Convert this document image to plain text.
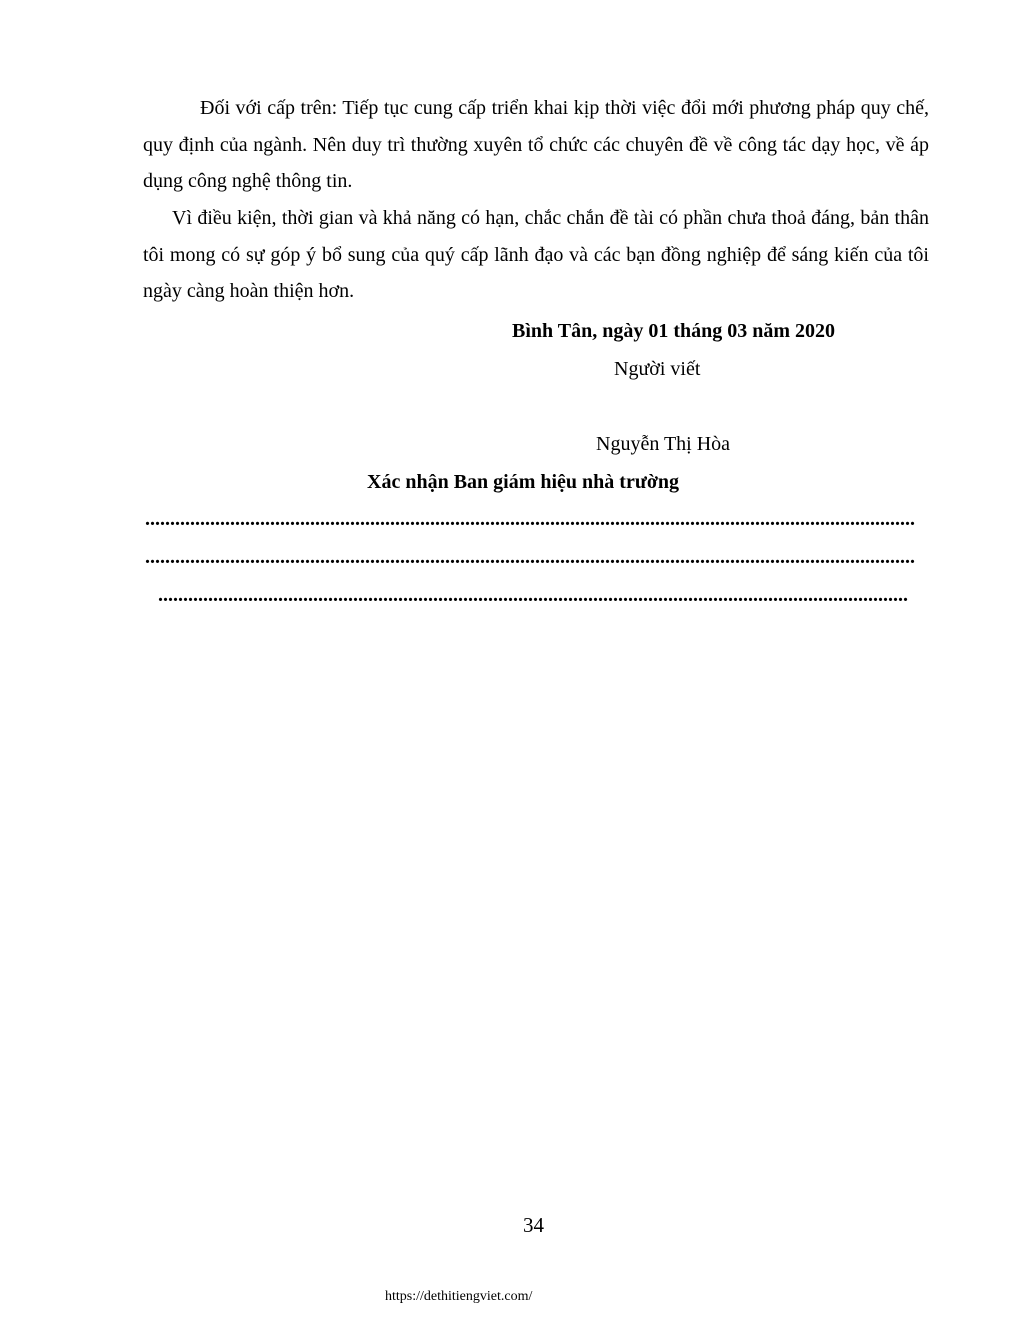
Đối với cấp trên: Tiếp tục cung cấp triển khai kịp thời việc đổi mới phương pháp quy chế, quy định của ngành. Nên duy trì thường xuyên tổ chức các chuyên đề về công tác dạy học, về áp dụng công nghệ thông tin.

Vì điều kiện, thời gian và khả năng có hạn, chắc chắn đề tài có phần chưa thoả đáng, bản thân tôi mong có sự góp ý bổ sung của quý cấp lãnh đạo và các bạn đồng nghiệp để sáng kiến của tôi ngày càng hoàn thiện hơn.

Bình Tân, ngày 01 tháng 03 năm 2020

Người viết

Nguyễn Thị Hòa

Xác nhận Ban giám hiệu nhà trường

..........................................................................................................................................................

..........................................................................................................................................................

......................................................................................................................................................

34

https://dethitiengviet.com/
